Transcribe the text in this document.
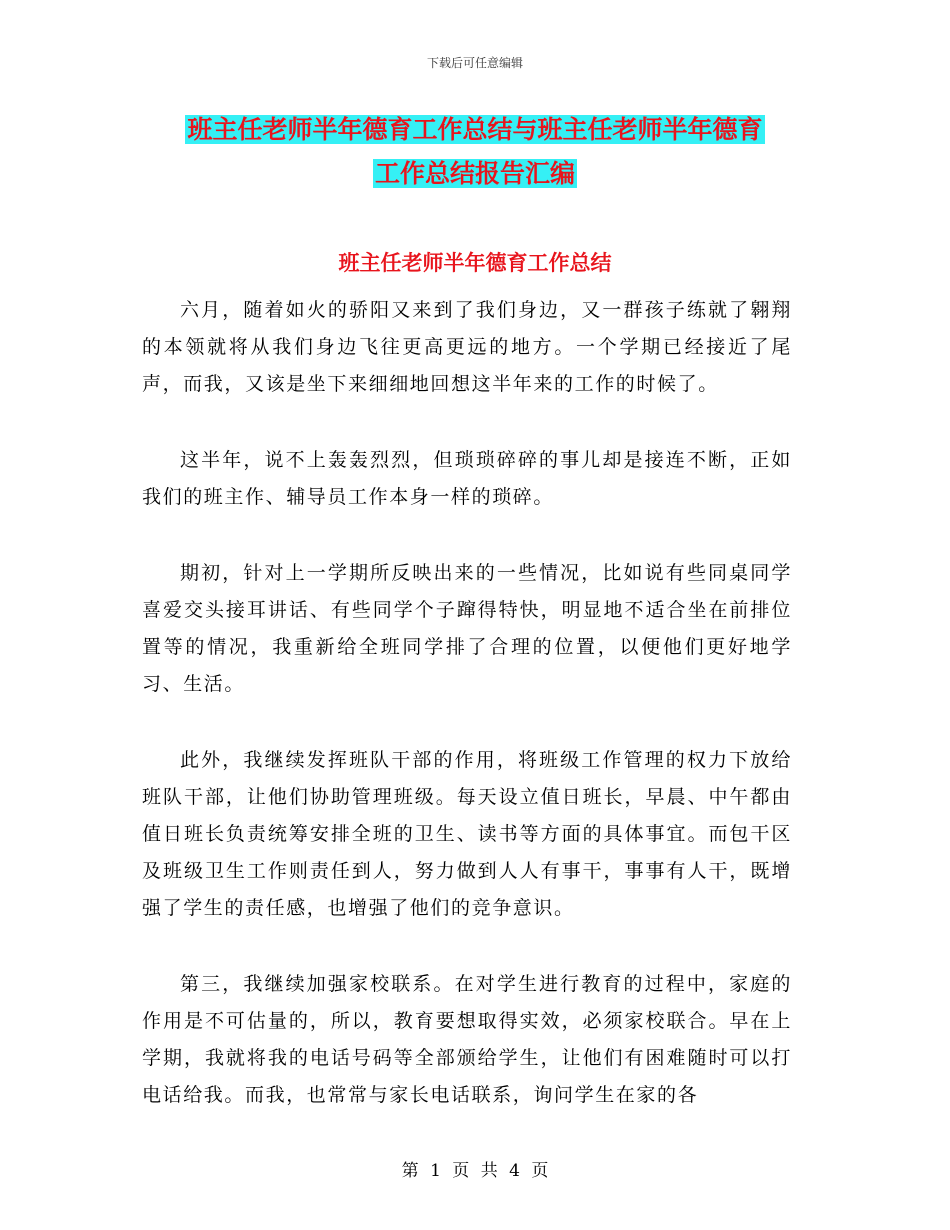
下载后可任意编辑
班主任老师半年德育工作总结与班主任老师半年德育
工作总结报告汇编
班主任老师半年德育工作总结

六月，随着如火的骄阳又来到了我们身边，又一群孩子练就了翱翔的本领就将从我们身边飞往更高更远的地方。一个学期已经接近了尾声，而我，又该是坐下来细细地回想这半年来的工作的时候了。

这半年，说不上轰轰烈烈，但琐琐碎碎的事儿却是接连不断，正如我们的班主作、辅导员工作本身一样的琐碎。

期初，针对上一学期所反映出来的一些情况，比如说有些同桌同学喜爱交头接耳讲话、有些同学个子蹿得特快，明显地不适合坐在前排位置等的情况，我重新给全班同学排了合理的位置，以便他们更好地学习、生活。

此外，我继续发挥班队干部的作用，将班级工作管理的权力下放给班队干部，让他们协助管理班级。每天设立值日班长，早晨、中午都由值日班长负责统筹安排全班的卫生、读书等方面的具体事宜。而包干区及班级卫生工作则责任到人，努力做到人人有事干，事事有人干，既增强了学生的责任感，也增强了他们的竞争意识。

第三，我继续加强家校联系。在对学生进行教育的过程中，家庭的作用是不可估量的，所以，教育要想取得实效，必须家校联合。早在上学期，我就将我的电话号码等全部颁给学生，让他们有困难随时可以打电话给我。而我，也常常与家长电话联系，询问学生在家的各

第 1 页 共 4 页
